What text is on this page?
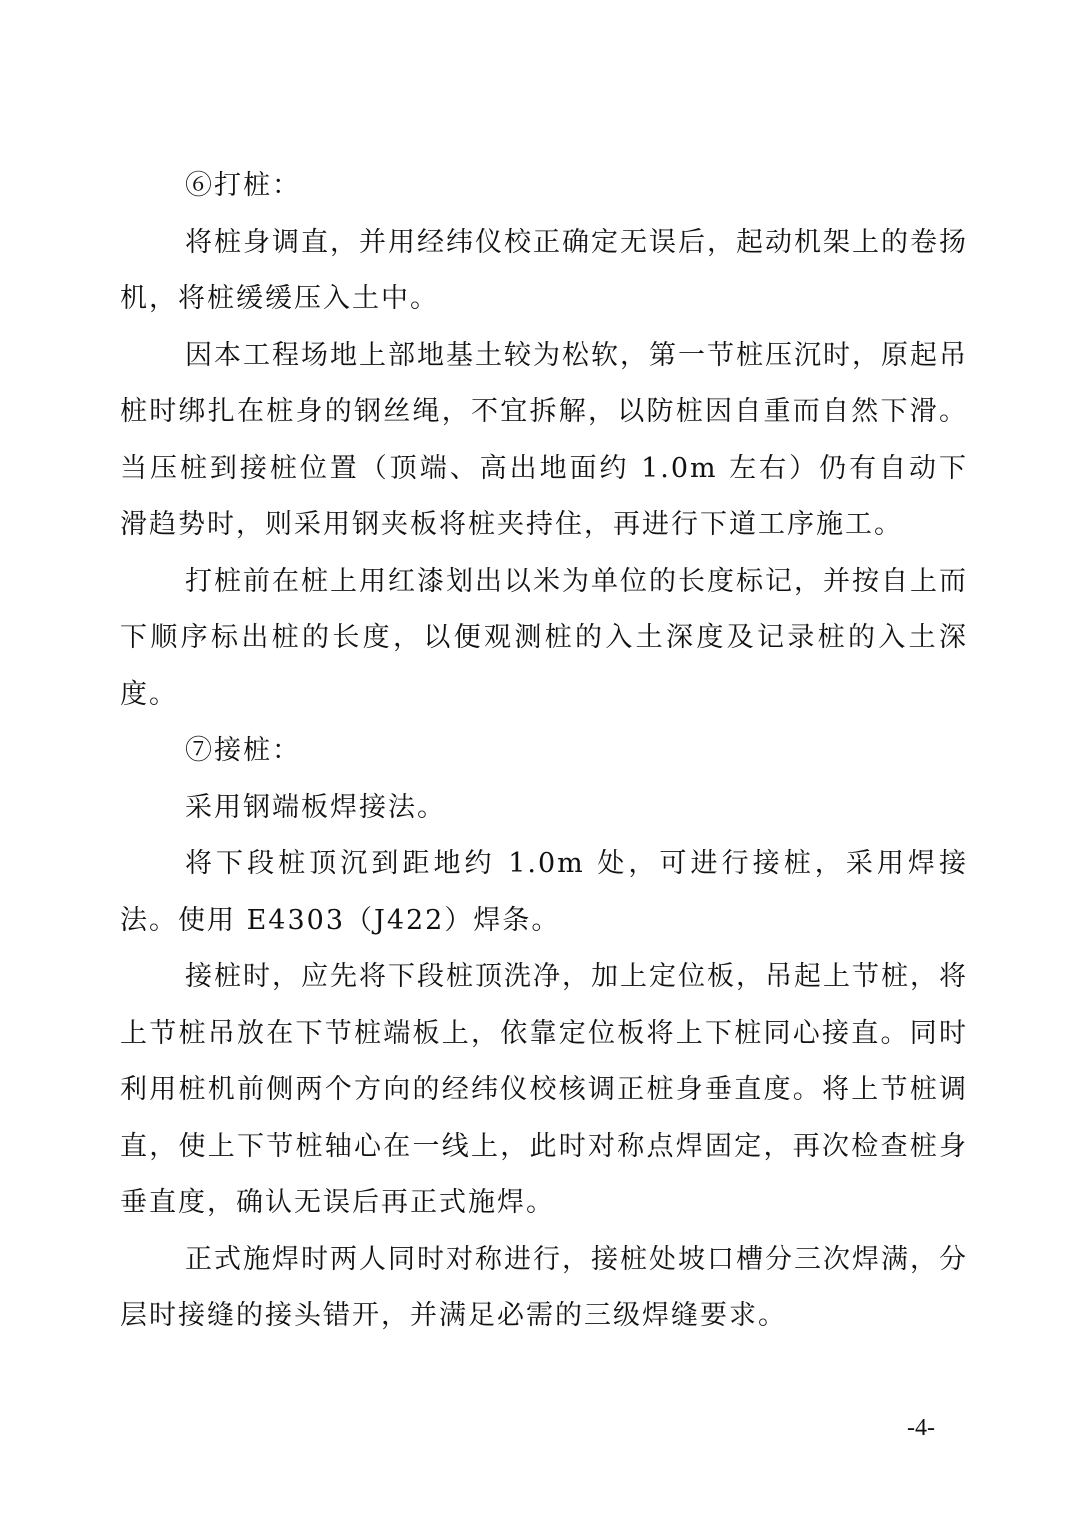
⑥打桩：

将桩身调直，并用经纬仪校正确定无误后，起动机架上的卷扬机，将桩缓缓压入土中。

因本工程场地上部地基土较为松软，第一节桩压沉时，原起吊桩时绑扎在桩身的钢丝绳，不宜拆解，以防桩因自重而自然下滑。当压桩到接桩位置（顶端、高出地面约 1.0m 左右）仍有自动下滑趋势时，则采用钢夹板将桩夹持住，再进行下道工序施工。

打桩前在桩上用红漆划出以米为单位的长度标记，并按自上而下顺序标出桩的长度，以便观测桩的入土深度及记录桩的入土深度。

⑦接桩：

采用钢端板焊接法。

将下段桩顶沉到距地约 1.0m 处，可进行接桩，采用焊接法。使用 E4303（J422）焊条。

接桩时，应先将下段桩顶洗净，加上定位板，吊起上节桩，将上节桩吊放在下节桩端板上，依靠定位板将上下桩同心接直。同时利用桩机前侧两个方向的经纬仪校核调正桩身垂直度。将上节桩调直，使上下节桩轴心在一线上，此时对称点焊固定，再次检查桩身垂直度，确认无误后再正式施焊。

正式施焊时两人同时对称进行，接桩处坡口槽分三次焊满，分层时接缝的接头错开，并满足必需的三级焊缝要求。

-4-
